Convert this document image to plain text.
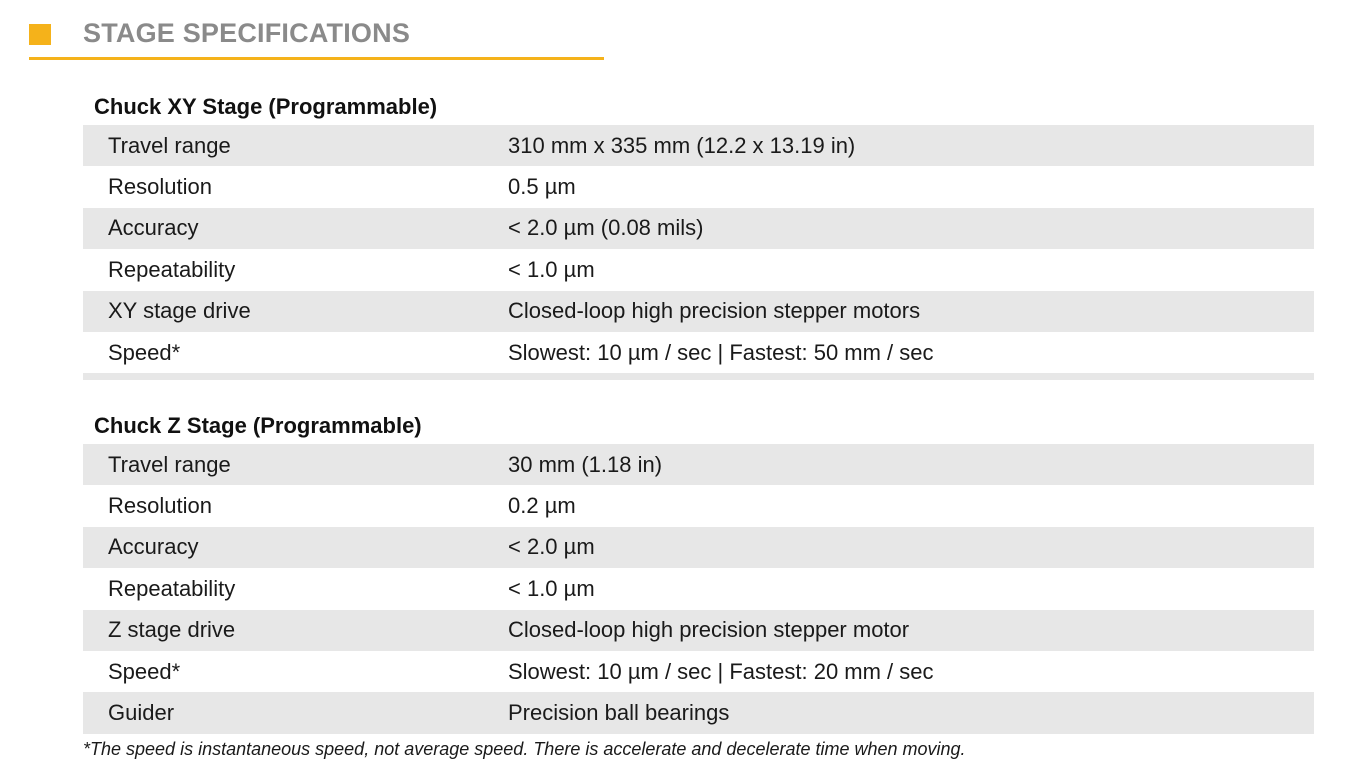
STAGE SPECIFICATIONS
Chuck XY Stage (Programmable)
Travel range	310 mm x 335 mm (12.2 x 13.19 in)
Resolution	0.5 µm
Accuracy	< 2.0 µm (0.08 mils)
Repeatability	< 1.0 µm
XY stage drive	Closed-loop high precision stepper motors
Speed*	Slowest: 10 µm / sec | Fastest: 50 mm / sec
Chuck Z Stage (Programmable)
Travel range	30 mm (1.18 in)
Resolution	0.2 µm
Accuracy	< 2.0 µm
Repeatability	< 1.0 µm
Z stage drive	Closed-loop high precision stepper motor
Speed*	Slowest: 10 µm / sec | Fastest: 20 mm / sec
Guider	Precision ball bearings
*The speed is instantaneous speed, not average speed. There is accelerate and decelerate time when moving.
